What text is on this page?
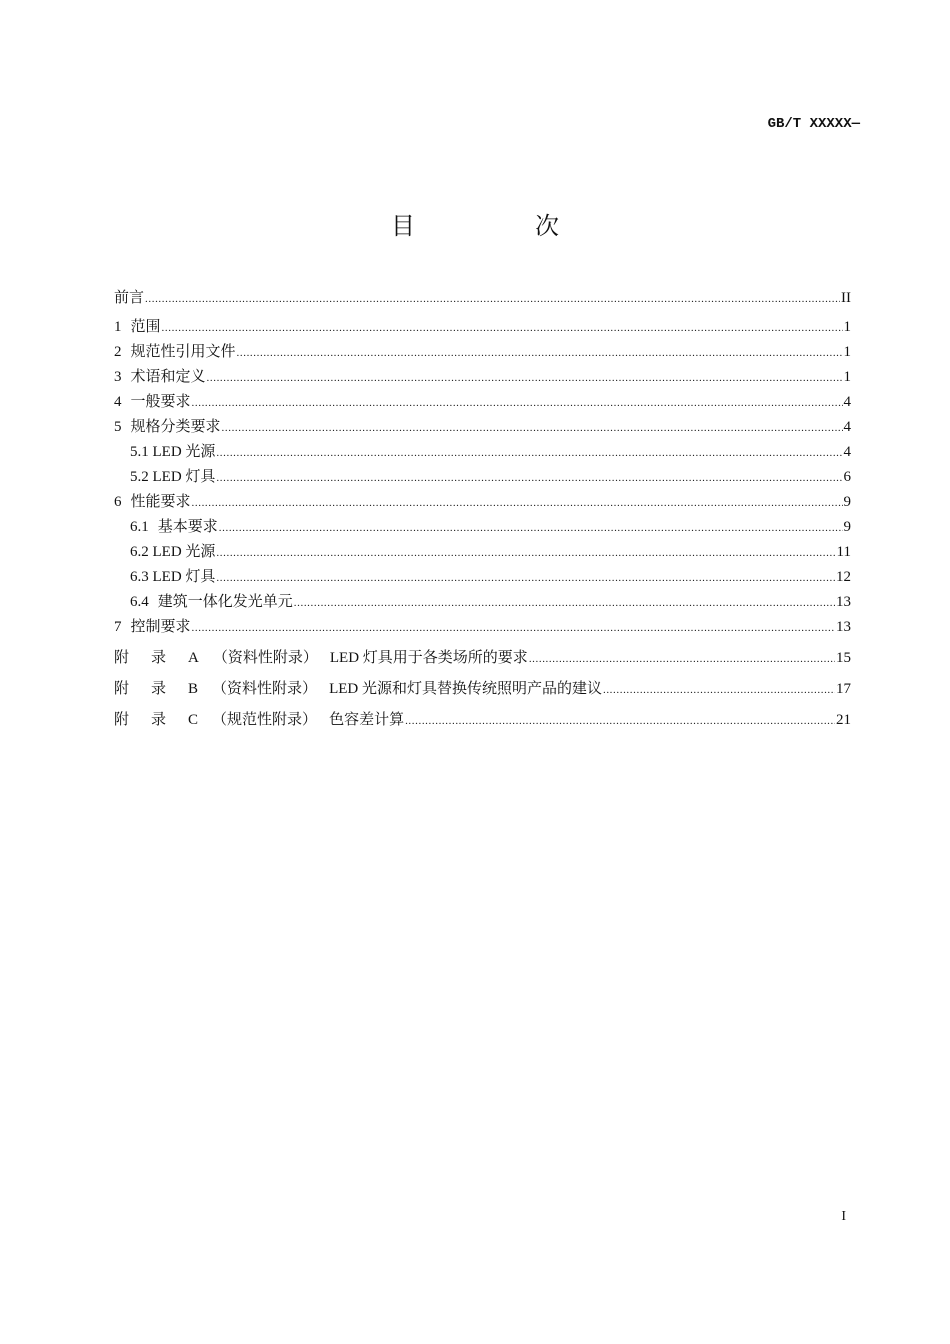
GB/T XXXXX—
目　次
前言 .....	II
1 范围 .....	1
2 规范性引用文件 .....	1
3 术语和定义 .....	1
4 一般要求 .....	4
5 规格分类要求 .....	4
5.1 LED 光源 .....	4
5.2 LED 灯具 .....	6
6 性能要求 .....	9
6.1 基本要求 .....	9
6.2 LED 光源 .....	11
6.3 LED 灯具 .....	12
6.4 建筑一体化发光单元 .....	13
7 控制要求 .....	13
附 录 A （资料性附录） LED 灯具用于各类场所的要求 .....	15
附 录 B （资料性附录） LED 光源和灯具替换传统照明产品的建议 .....	17
附 录 C （规范性附录） 色容差计算 .....	21
I
